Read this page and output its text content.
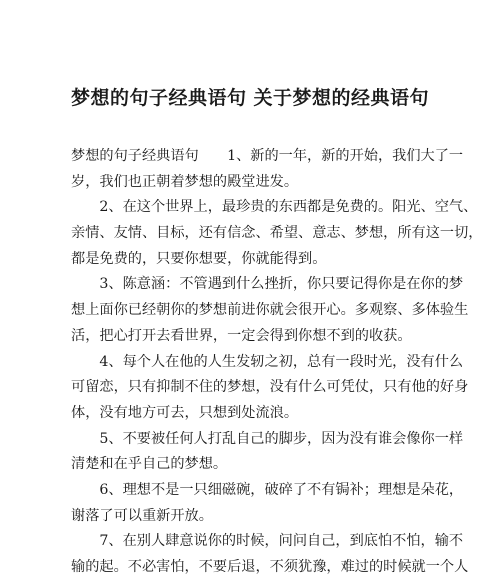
梦想的句子经典语句 关于梦想的经典语句
梦想的句子经典语句　　1、新的一年，新的开始，我们大了一
岁，我们也正朝着梦想的殿堂进发。
　　2、在这个世界上，最珍贵的东西都是免费的。阳光、空气、
亲情、友情、目标，还有信念、希望、意志、梦想，所有这一切，
都是免费的，只要你想要，你就能得到。
　　3、陈意涵：不管遇到什么挫折，你只要记得你是在你的梦
想上面你已经朝你的梦想前进你就会很开心。多观察、多体验生
活，把心打开去看世界，一定会得到你想不到的收获。
　　4、每个人在他的人生发轫之初，总有一段时光，没有什么
可留恋，只有抑制不住的梦想，没有什么可凭仗，只有他的好身
体，没有地方可去，只想到处流浪。
　　5、不要被任何人打乱自己的脚步，因为没有谁会像你一样
清楚和在乎自己的梦想。
　　6、理想不是一只细磁碗，破碎了不有锔补；理想是朵花，
谢落了可以重新开放。
　　7、在别人肆意说你的时候，问问自己，到底怕不怕，输不
输的起。不必害怕，不要后退，不须犹豫，难过的时候就一个人
